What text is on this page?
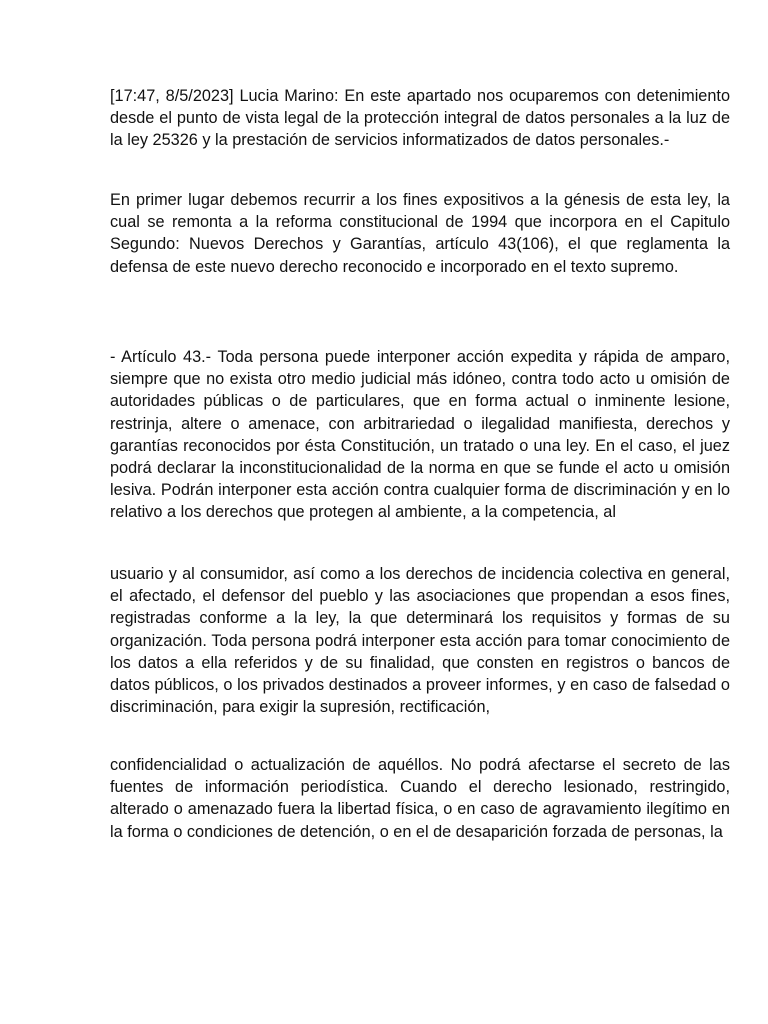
[17:47, 8/5/2023] Lucia Marino: En este apartado nos ocuparemos con detenimiento desde el punto de vista legal de la protección integral de datos personales a la luz de la ley 25326 y la prestación de servicios informatizados de datos personales.-

En primer lugar debemos recurrir a los fines expositivos a la génesis de esta ley, la cual se remonta a la reforma constitucional de 1994 que incorpora en el Capitulo Segundo: Nuevos Derechos y Garantías, artículo 43(106), el que reglamenta la defensa de este nuevo derecho reconocido e incorporado en el texto supremo.

- Artículo 43.- Toda persona puede interponer acción expedita y rápida de amparo, siempre que no exista otro medio judicial más idóneo, contra todo acto u omisión de autoridades públicas o de particulares, que en forma actual o inminente lesione, restrinja, altere o amenace, con arbitrariedad o ilegalidad manifiesta, derechos y garantías reconocidos por ésta Constitución, un tratado o una ley. En el caso, el juez podrá declarar la inconstitucionalidad de la norma en que se funde el acto u omisión lesiva. Podrán interponer esta acción contra cualquier forma de discriminación y en lo relativo a los derechos que protegen al ambiente, a la competencia, al

usuario y al consumidor, así como a los derechos de incidencia colectiva en general, el afectado, el defensor del pueblo y las asociaciones que propendan a esos fines, registradas conforme a la ley, la que determinará los requisitos y formas de su organización. Toda persona podrá interponer esta acción para tomar conocimiento de los datos a ella referidos y de su finalidad, que consten en registros o bancos de datos públicos, o los privados destinados a proveer informes, y en caso de falsedad o discriminación, para exigir la supresión, rectificación,

confidencialidad o actualización de aquéllos. No podrá afectarse el secreto de las fuentes de información periodística. Cuando el derecho lesionado, restringido, alterado o amenazado fuera la libertad física, o en caso de agravamiento ilegítimo en la forma o condiciones de detención, o en el de desaparición forzada de personas, la
